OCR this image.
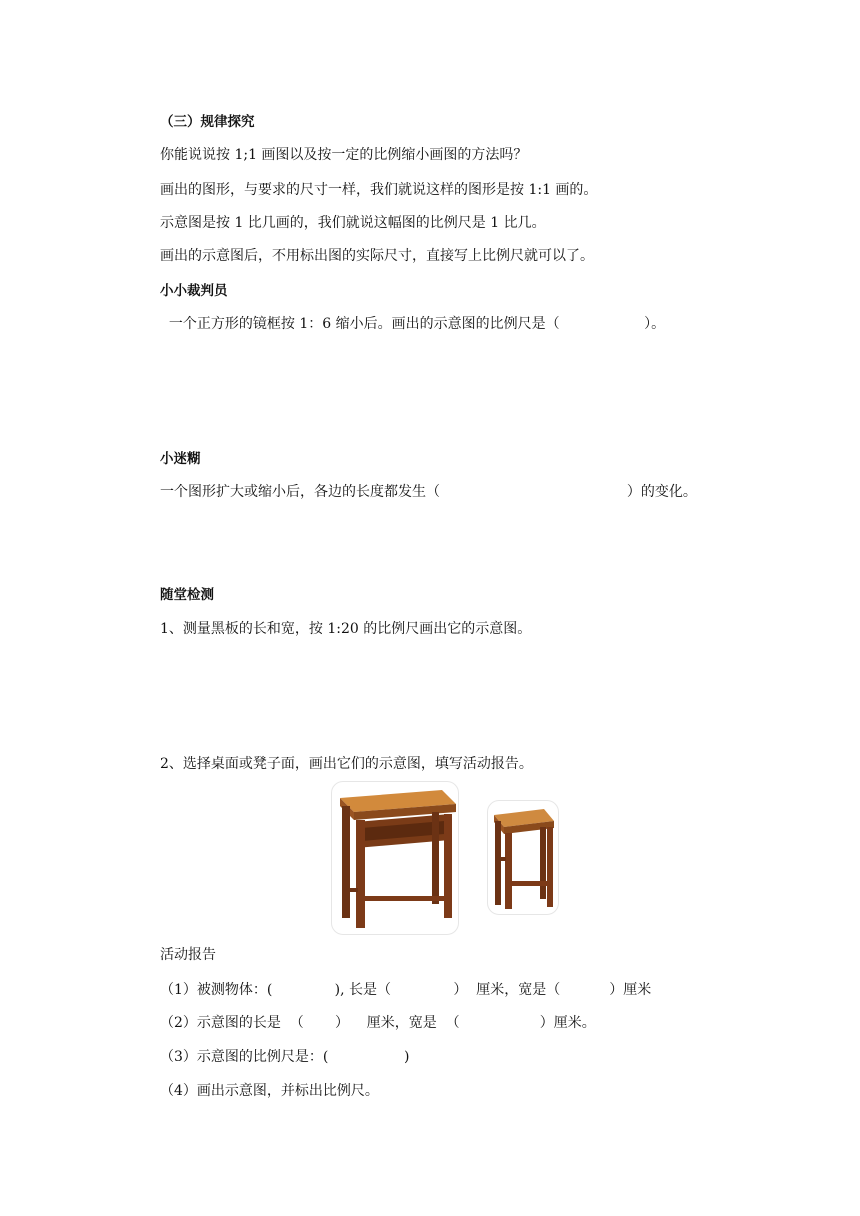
（三）规律探究
你能说说按 1;1 画图以及按一定的比例缩小画图的方法吗？
画出的图形，与要求的尺寸一样，我们就说这样的图形是按 1:1 画的。
示意图是按 1 比几画的，我们就说这幅图的比例尺是 1 比几。
画出的示意图后，不用标出图的实际尺寸，直接写上比例尺就可以了。
小小裁判员
一个正方形的镜框按 1：6 缩小后。画出的示意图的比例尺是（                   ）。
小迷糊
一个图形扩大或缩小后，各边的长度都发生（                                          ）的变化。
随堂检测
1、测量黑板的长和宽，按 1:20 的比例尺画出它的示意图。
2、选择桌面或凳子面，画出它们的示意图，填写活动报告。
活动报告
（1）被测物体：(              ), 长是（              ）  厘米，宽是（           ）厘米
（2）示意图的长是  （       ）    厘米，宽是  （                  ）厘米。
（3）示意图的比例尺是：(                 )
（4）画出示意图，并标出比例尺。
